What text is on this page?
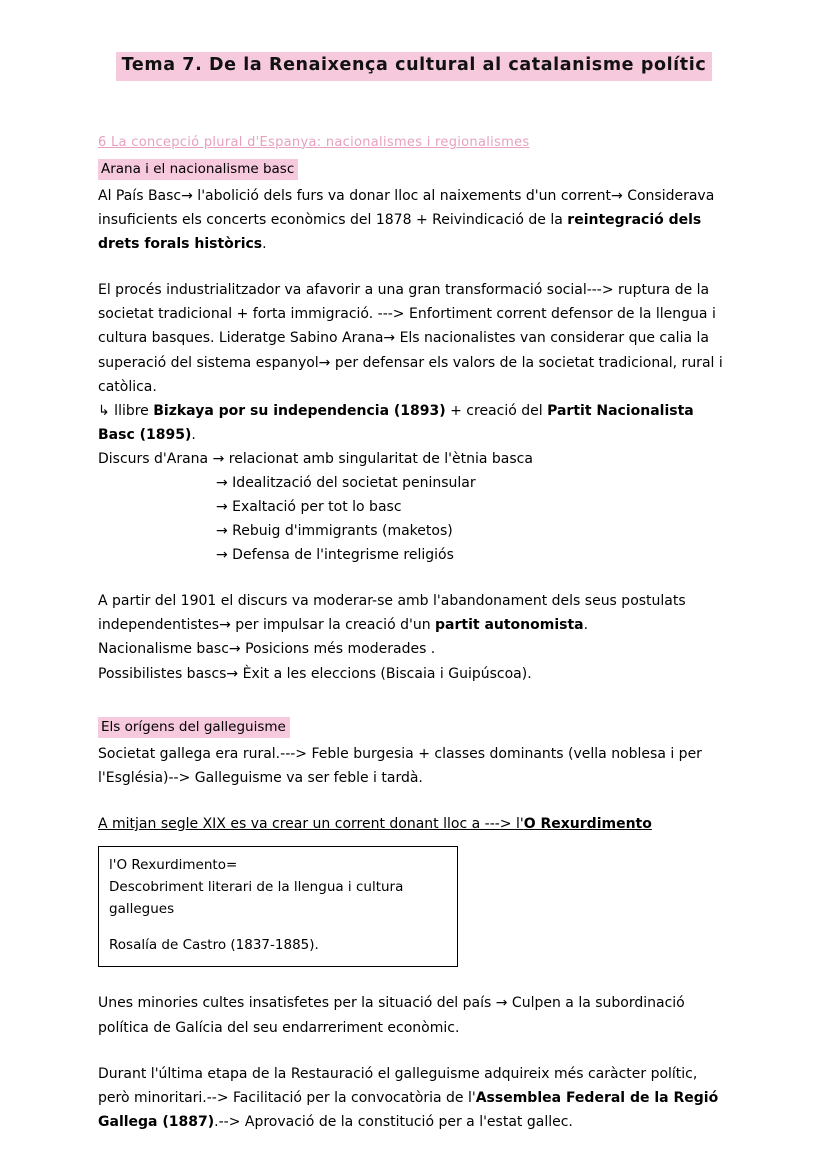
Tema 7. De la Renaixença cultural al catalanisme polític
6 La concepció plural d'Espanya: nacionalismes i regionalismes
Arana i el nacionalisme basc

Al País Basc→ l'abolició dels furs va donar lloc al naixements d'un corrent→ Considerava insuficients els concerts econòmics del 1878 + Reivindicació de la reintegració dels drets forals històrics.

El procés industrialitzador va afavorir a una gran transformació social---> ruptura de la societat tradicional + forta immigració. ---> Enfortiment corrent defensor de la llengua i cultura basques. Lideratge Sabino Arana→ Els nacionalistes van considerar que calia la superació del sistema espanyol→ per defensar els valors de la societat tradicional, rural i catòlica.

↳ llibre Bizkaya por su independencia (1893) + creació del Partit Nacionalista Basc (1895).

Discurs d'Arana → relacionat amb singularitat de l'ètnia basca

→ Idealització del societat peninsular
→ Exaltació per tot lo basc
→ Rebuig d'immigrants (maketos)
→ Defensa de l'integrisme religiós

A partir del 1901 el discurs va moderar-se amb l'abandonament dels seus postulats independentistes→ per impulsar la creació d'un partit autonomista.

Nacionalisme basc→ Posicions més moderades .

Possibilistes bascs→ Èxit a les eleccions (Biscaia i Guipúscoa).

Els orígens del galleguisme

Societat gallega era rural.---> Feble burgesia + classes dominants (vella noblesa i per l'Església)--> Galleguisme va ser feble i tardà.

A mitjan segle XIX es va crear un corrent donant lloc a ---> l'O Rexurdimento
l'O Rexurdimento=
Descobriment literari de la llengua i cultura gallegues
Rosalía de Castro (1837-1885).

Unes minories cultes insatisfetes per la situació del país → Culpen a la subordinació política de Galícia del seu endarreriment econòmic.

Durant l'última etapa de la Restauració el galleguisme adquireix més caràcter polític, però minoritari.--> Facilitació per la convocatòria de l'Assemblea Federal de la Regió Gallega (1887).--> Aprovació de la constitució per a l'estat gallec.
